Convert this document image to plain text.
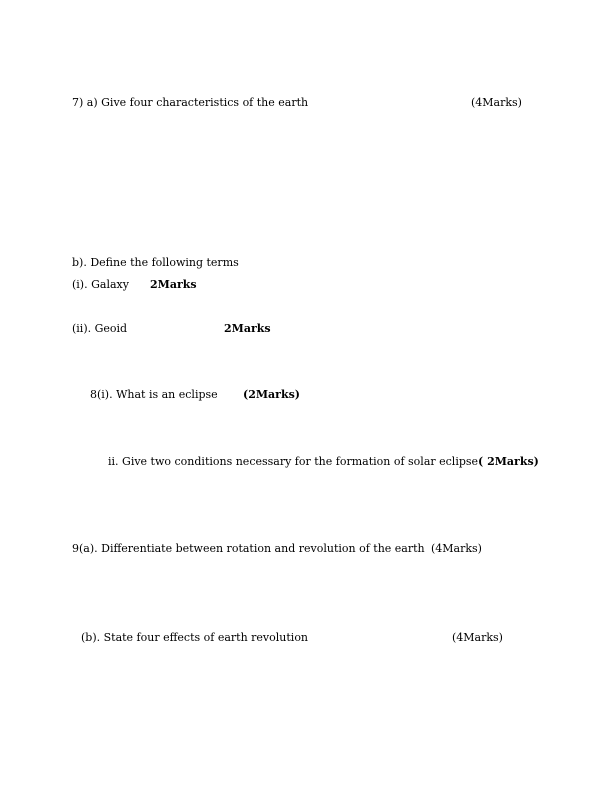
7) a) Give four characteristics of the earth	(4Marks)
b). Define the following terms
(i). Galaxy 2Marks
(ii). Geoid	2Marks
8(i). What is an eclipse (2Marks)
ii. Give two conditions necessary for the formation of solar eclipse( 2Marks)
9(a). Differentiate between rotation and revolution of the earth (4Marks)
(b). State four effects of earth revolution	(4Marks)
